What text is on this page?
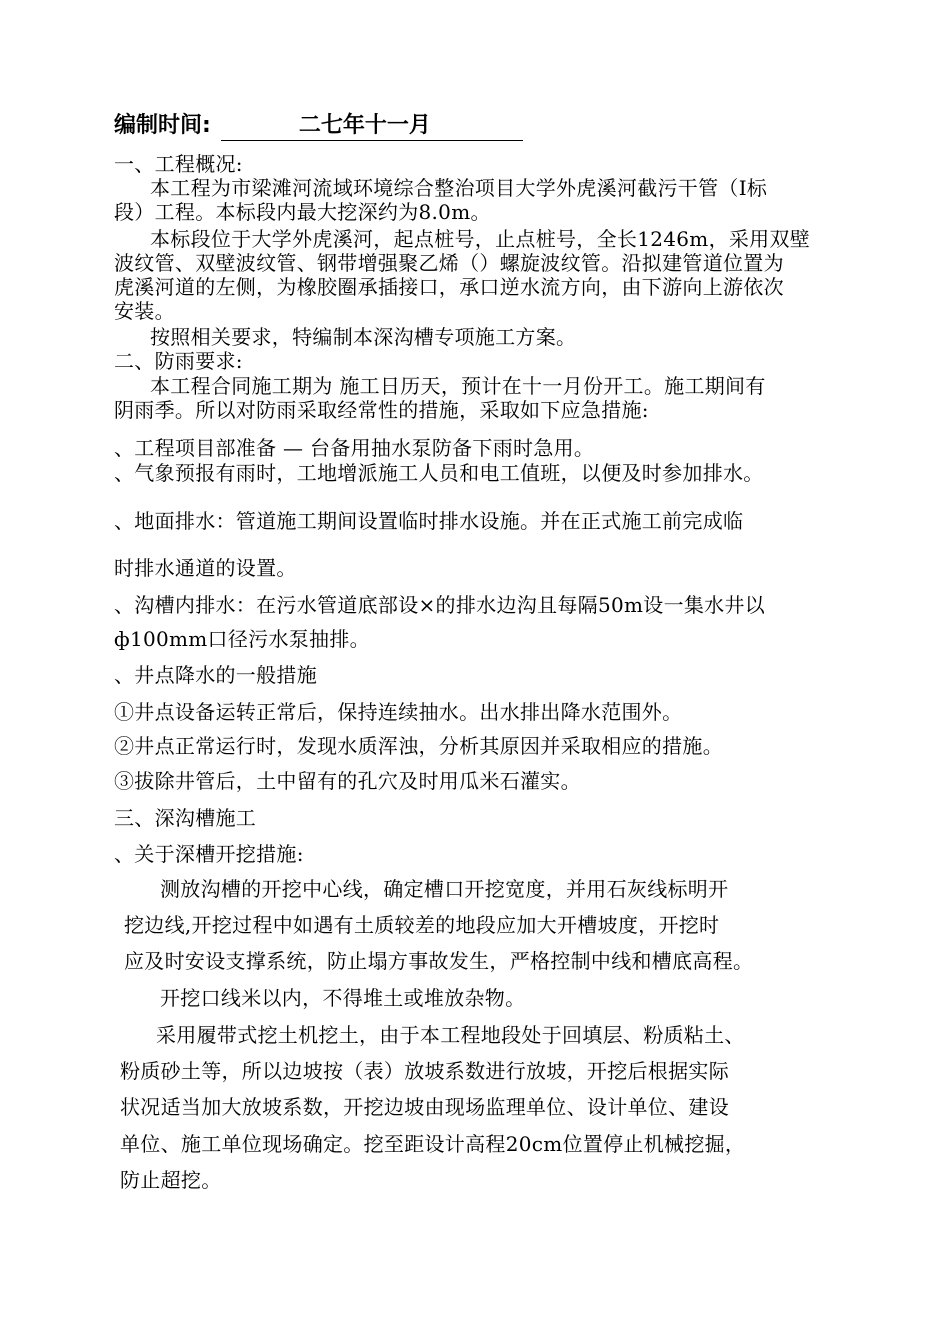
编制时间:	二七年十一月
一、工程概况:
本工程为市梁滩河流域环境综合整治项目大学外虎溪河截污干管（Ⅰ标
段）工程。本标段内最大挖深约为8.0m。
本标段位于大学外虎溪河，起点桩号，止点桩号，全长1246m，采用双壁
波纹管、双壁波纹管、钢带增强聚乙烯（）螺旋波纹管。沿拟建管道位置为
虎溪河道的左侧，为橡胶圈承插接口，承口逆水流方向，由下游向上游依次
安装。
按照相关要求，特编制本深沟槽专项施工方案。
二、防雨要求:
本工程合同施工期为 施工日历天，预计在十一月份开工。施工期间有
阴雨季。所以对防雨采取经常性的措施，采取如下应急措施:
、工程项目部准备 — 台备用抽水泵防备下雨时急用。
、气象预报有雨时，工地增派施工人员和电工值班，以便及时参加排水。
、地面排水：管道施工期间设置临时排水设施。并在正式施工前完成临
时排水通道的设置。
、沟槽内排水：在污水管道底部设×的排水边沟且每隔50m设一集水井以
ф100mm口径污水泵抽排。
、井点降水的一般措施
①井点设备运转正常后，保持连续抽水。出水排出降水范围外。
②井点正常运行时，发现水质浑浊，分析其原因并采取相应的措施。
③拔除井管后，土中留有的孔穴及时用瓜米石灌实。
三、深沟槽施工
、关于深槽开挖措施:
测放沟槽的开挖中心线，确定槽口开挖宽度，并用石灰线标明开
挖边线,开挖过程中如遇有土质较差的地段应加大开槽坡度，开挖时
应及时安设支撑系统，防止塌方事故发生，严格控制中线和槽底高程。
开挖口线米以内，不得堆土或堆放杂物。
采用履带式挖土机挖土，由于本工程地段处于回填层、粉质粘土、
粉质砂土等，所以边坡按（表）放坡系数进行放坡，开挖后根据实际
状况适当加大放坡系数，开挖边坡由现场监理单位、设计单位、建设
单位、施工单位现场确定。挖至距设计高程20cm位置停止机械挖掘，
防止超挖。
